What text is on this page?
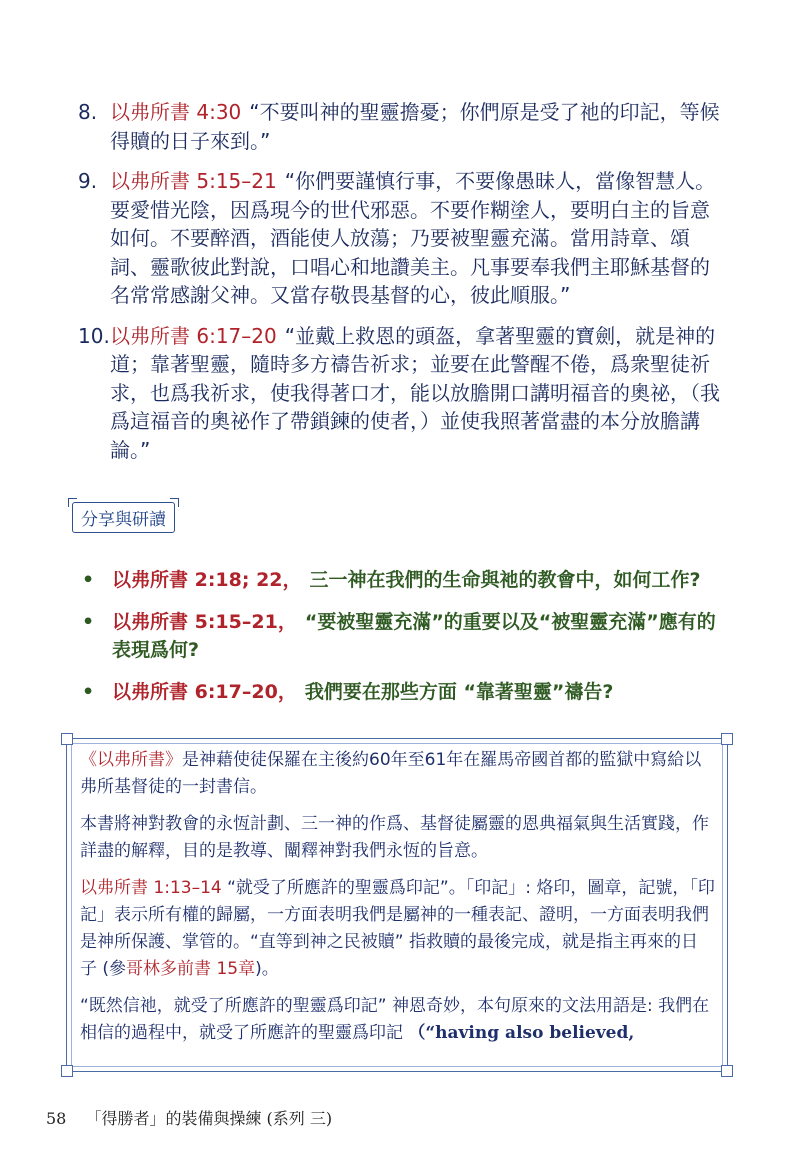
8. 以弗所書 4:30 “不要叫神的聖靈擔憂；你們原是受了祂的印記，等候得贖的日子來到。”
9. 以弗所書 5:15–21 “你們要謹慎行事，不要像愚昧人，當像智慧人。要愛惜光陰，因爲現今的世代邪惡。不要作糊塗人，要明白主的旨意如何。不要醉酒，酒能使人放蕩；乃要被聖靈充滿。當用詩章、頌詞、靈歌彼此對說，口唱心和地讚美主。凡事要奉我們主耶穌基督的名常常感謝父神。又當存敬畏基督的心，彼此順服。”
10. 以弗所書 6:17–20 “並戴上救恩的頭盔，拿著聖靈的寶劍，就是神的道；靠著聖靈，隨時多方禱告祈求；並要在此警醒不倦，爲衆聖徒祈求，也爲我祈求，使我得著口才，能以放膽開口講明福音的奧祕，（我爲這福音的奧祕作了帶鎖鍊的使者，）並使我照著當盡的本分放膽講論。”
分享與研讀
• 以弗所書 2:18; 22， 三一神在我們的生命與祂的教會中，如何工作?
• 以弗所書 5:15–21， “要被聖靈充滿”的重要以及“被聖靈充滿”應有的表現爲何?
• 以弗所書 6:17–20， 我們要在那些方面 “靠著聖靈”禱告?

《以弗所書》是神藉使徒保羅在主後約60年至61年在羅馬帝國首都的監獄中寫給以弗所基督徒的一封書信。

本書將神對教會的永恆計劃、三一神的作爲、基督徒屬靈的恩典福氣與生活實踐，作詳盡的解釋，目的是教導、闡釋神對我們永恆的旨意。

以弗所書 1:13–14 “就受了所應許的聖靈爲印記”。「印記」: 烙印，圖章，記號，「印記」表示所有權的歸屬，一方面表明我們是屬神的一種表記、證明，一方面表明我們是神所保護、掌管的。“直等到神之民被贖” 指救贖的最後完成，就是指主再來的日子 (參哥林多前書 15章)。

“既然信祂，就受了所應許的聖靈爲印記” 神恩奇妙，本句原來的文法用語是: 我們在相信的過程中，就受了所應許的聖靈爲印記 （“having also believed,

58 「得勝者」的裝備與操練 (系列 三)
